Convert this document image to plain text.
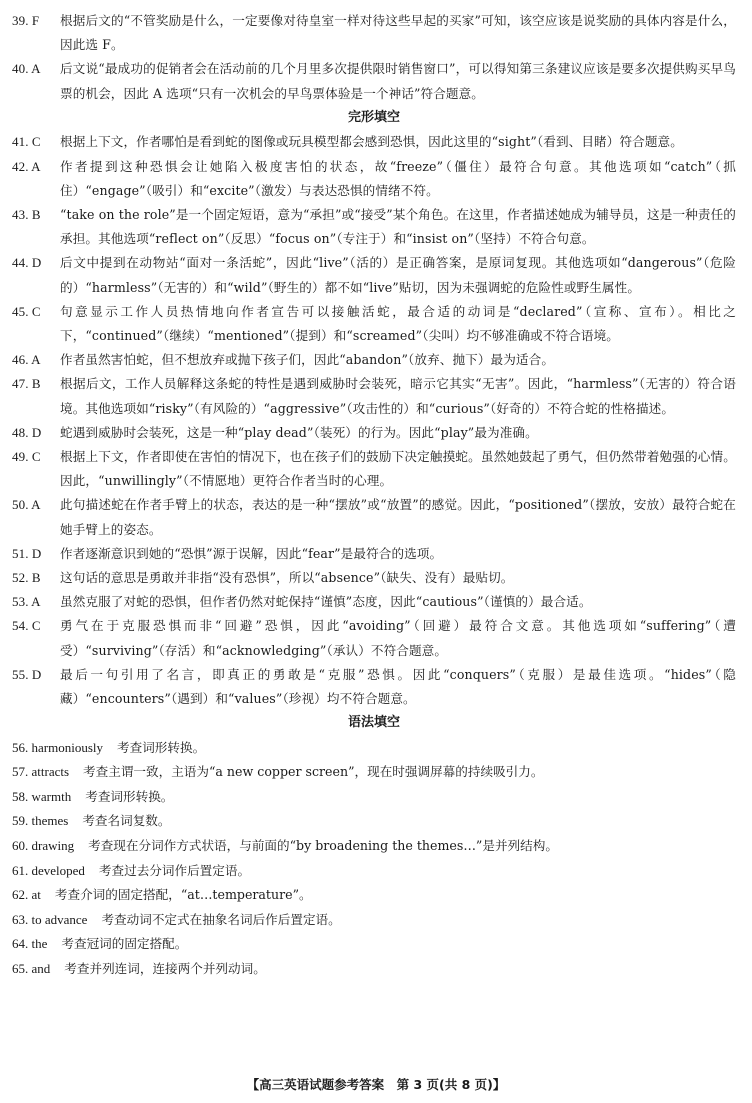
39. F 根据后文的“不管奖励是什么，一定要像对待皇室一样对待这些早起的买家”可知，该空应该是说奖励的具体内容是什么，因此选 F。

40. A 后文说“最成功的促销者会在活动前的几个月里多次提供限时销售窗口”，可以得知第三条建议应该是要多次提供购买早鸟票的机会，因此 A 选项“只有一次机会的早鸟票体验是一个神话”符合题意。

完形填空

41. C 根据上下文，作者哪怕是看到蛇的图像或玩具模型都会感到恐惧，因此这里的“sight”（看到、目睹）符合题意。

42. A 作者提到这种恐惧会让她陷入极度害怕的状态，故“freeze”（僵住）最符合句意。其他选项如“catch”（抓住）“engage”（吸引）和“excite”（激发）与表达恐惧的情绪不符。

43. B “take on the role”是一个固定短语，意为“承担”或“接受”某个角色。在这里，作者描述她成为辅导员，这是一种责任的承担。其他选项“reflect on”（反思）“focus on”（专注于）和“insist on”（坚持）不符合句意。

44. D 后文中提到在动物站“面对一条活蛇”，因此“live”（活的）是正确答案，是原词复现。其他选项如“dangerous”（危险的）“harmless”（无害的）和“wild”（野生的）都不如“live”贴切，因为未强调蛇的危险性或野生属性。

45. C 句意显示工作人员热情地向作者宣告可以接触活蛇，最合适的动词是“declared”（宣称、宣布）。相比之下，“continued”（继续）“mentioned”（提到）和“screamed”（尖叫）均不够准确或不符合语境。

46. A 作者虽然害怕蛇，但不想放弃或抛下孩子们，因此“abandon”（放弃、抛下）最为适合。

47. B 根据后文，工作人员解释这条蛇的特性是遇到威胁时会装死，暗示它其实“无害”。因此，“harmless”（无害的）符合语境。其他选项如“risky”（有风险的）“aggressive”（攻击性的）和“curious”（好奇的）不符合蛇的性格描述。

48. D 蛇遇到威胁时会装死，这是一种“play dead”（装死）的行为。因此“play”最为准确。

49. C 根据上下文，作者即使在害怕的情况下，也在孩子们的鼓励下决定触摸蛇。虽然她鼓起了勇气，但仍然带着勉强的心情。因此，“unwillingly”（不情愿地）更符合作者当时的心理。

50. A 此句描述蛇在作者手臂上的状态，表达的是一种“摆放”或“放置”的感觉。因此，“positioned”（摆放，安放）最符合蛇在她手臂上的姿态。

51. D 作者逐渐意识到她的“恐惧”源于误解，因此“fear”是最符合的选项。

52. B 这句话的意思是勇敢并非指“没有恐惧”，所以“absence”（缺失、没有）最贴切。

53. A 虽然克服了对蛇的恐惧，但作者仍然对蛇保持“谨慎”态度，因此“cautious”（谨慎的）最合适。

54. C 勇气在于克服恐惧而非“回避”恐惧，因此“avoiding”（回避）最符合文意。其他选项如“suffering”（遭受）“surviving”（存活）和“acknowledging”（承认）不符合题意。

55. D 最后一句引用了名言，即真正的勇敢是“克服”恐惧。因此“conquers”（克服）是最佳选项。“hides”（隐藏）“encounters”（遇到）和“values”（珍视）均不符合题意。

语法填空

56. harmoniously 考查词形转换。

57. attracts 考查主谓一致，主语为“a new copper screen”，现在时强调屏幕的持续吸引力。

58. warmth 考查词形转换。

59. themes 考查名词复数。

60. drawing 考查现在分词作方式状语，与前面的“by broadening the themes…”是并列结构。

61. developed 考查过去分词作后置定语。

62. at 考查介词的固定搭配，“at…temperature”。

63. to advance 考查动词不定式在抽象名词后作后置定语。

64. the 考查冠词的固定搭配。

65. and 考查并列连词，连接两个并列动词。

【高三英语试题参考答案　第 3 页(共 8 页)】
